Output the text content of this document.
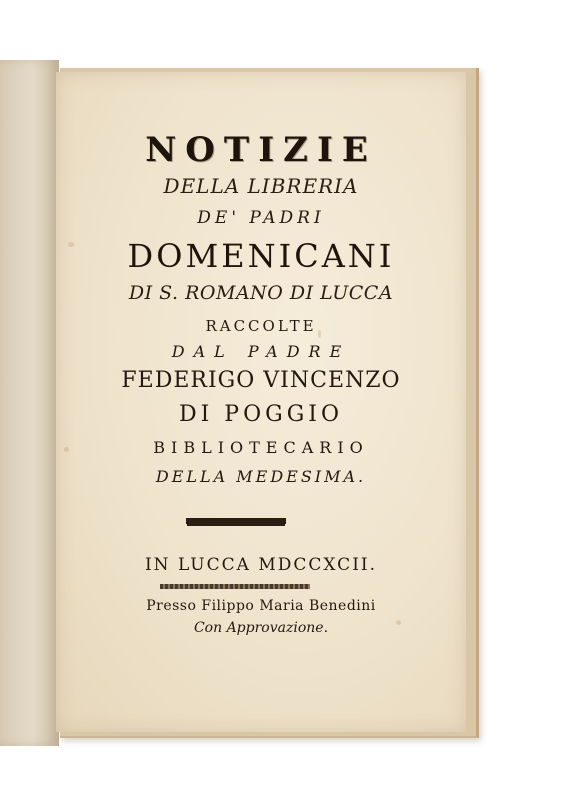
NOTIZIE
DELLA LIBRERIA
DE' PADRI
DOMENICANI
DI S. ROMANO DI LUCCA
RACCOLTE
DAL PADRE
FEDERIGO VINCENZO
DI POGGIO
BIBLIOTECARIO
DELLA MEDESIMA.
IN LUCCA MDCCXCII.
Presso Filippo Maria Benedini
Con Approvazione.
